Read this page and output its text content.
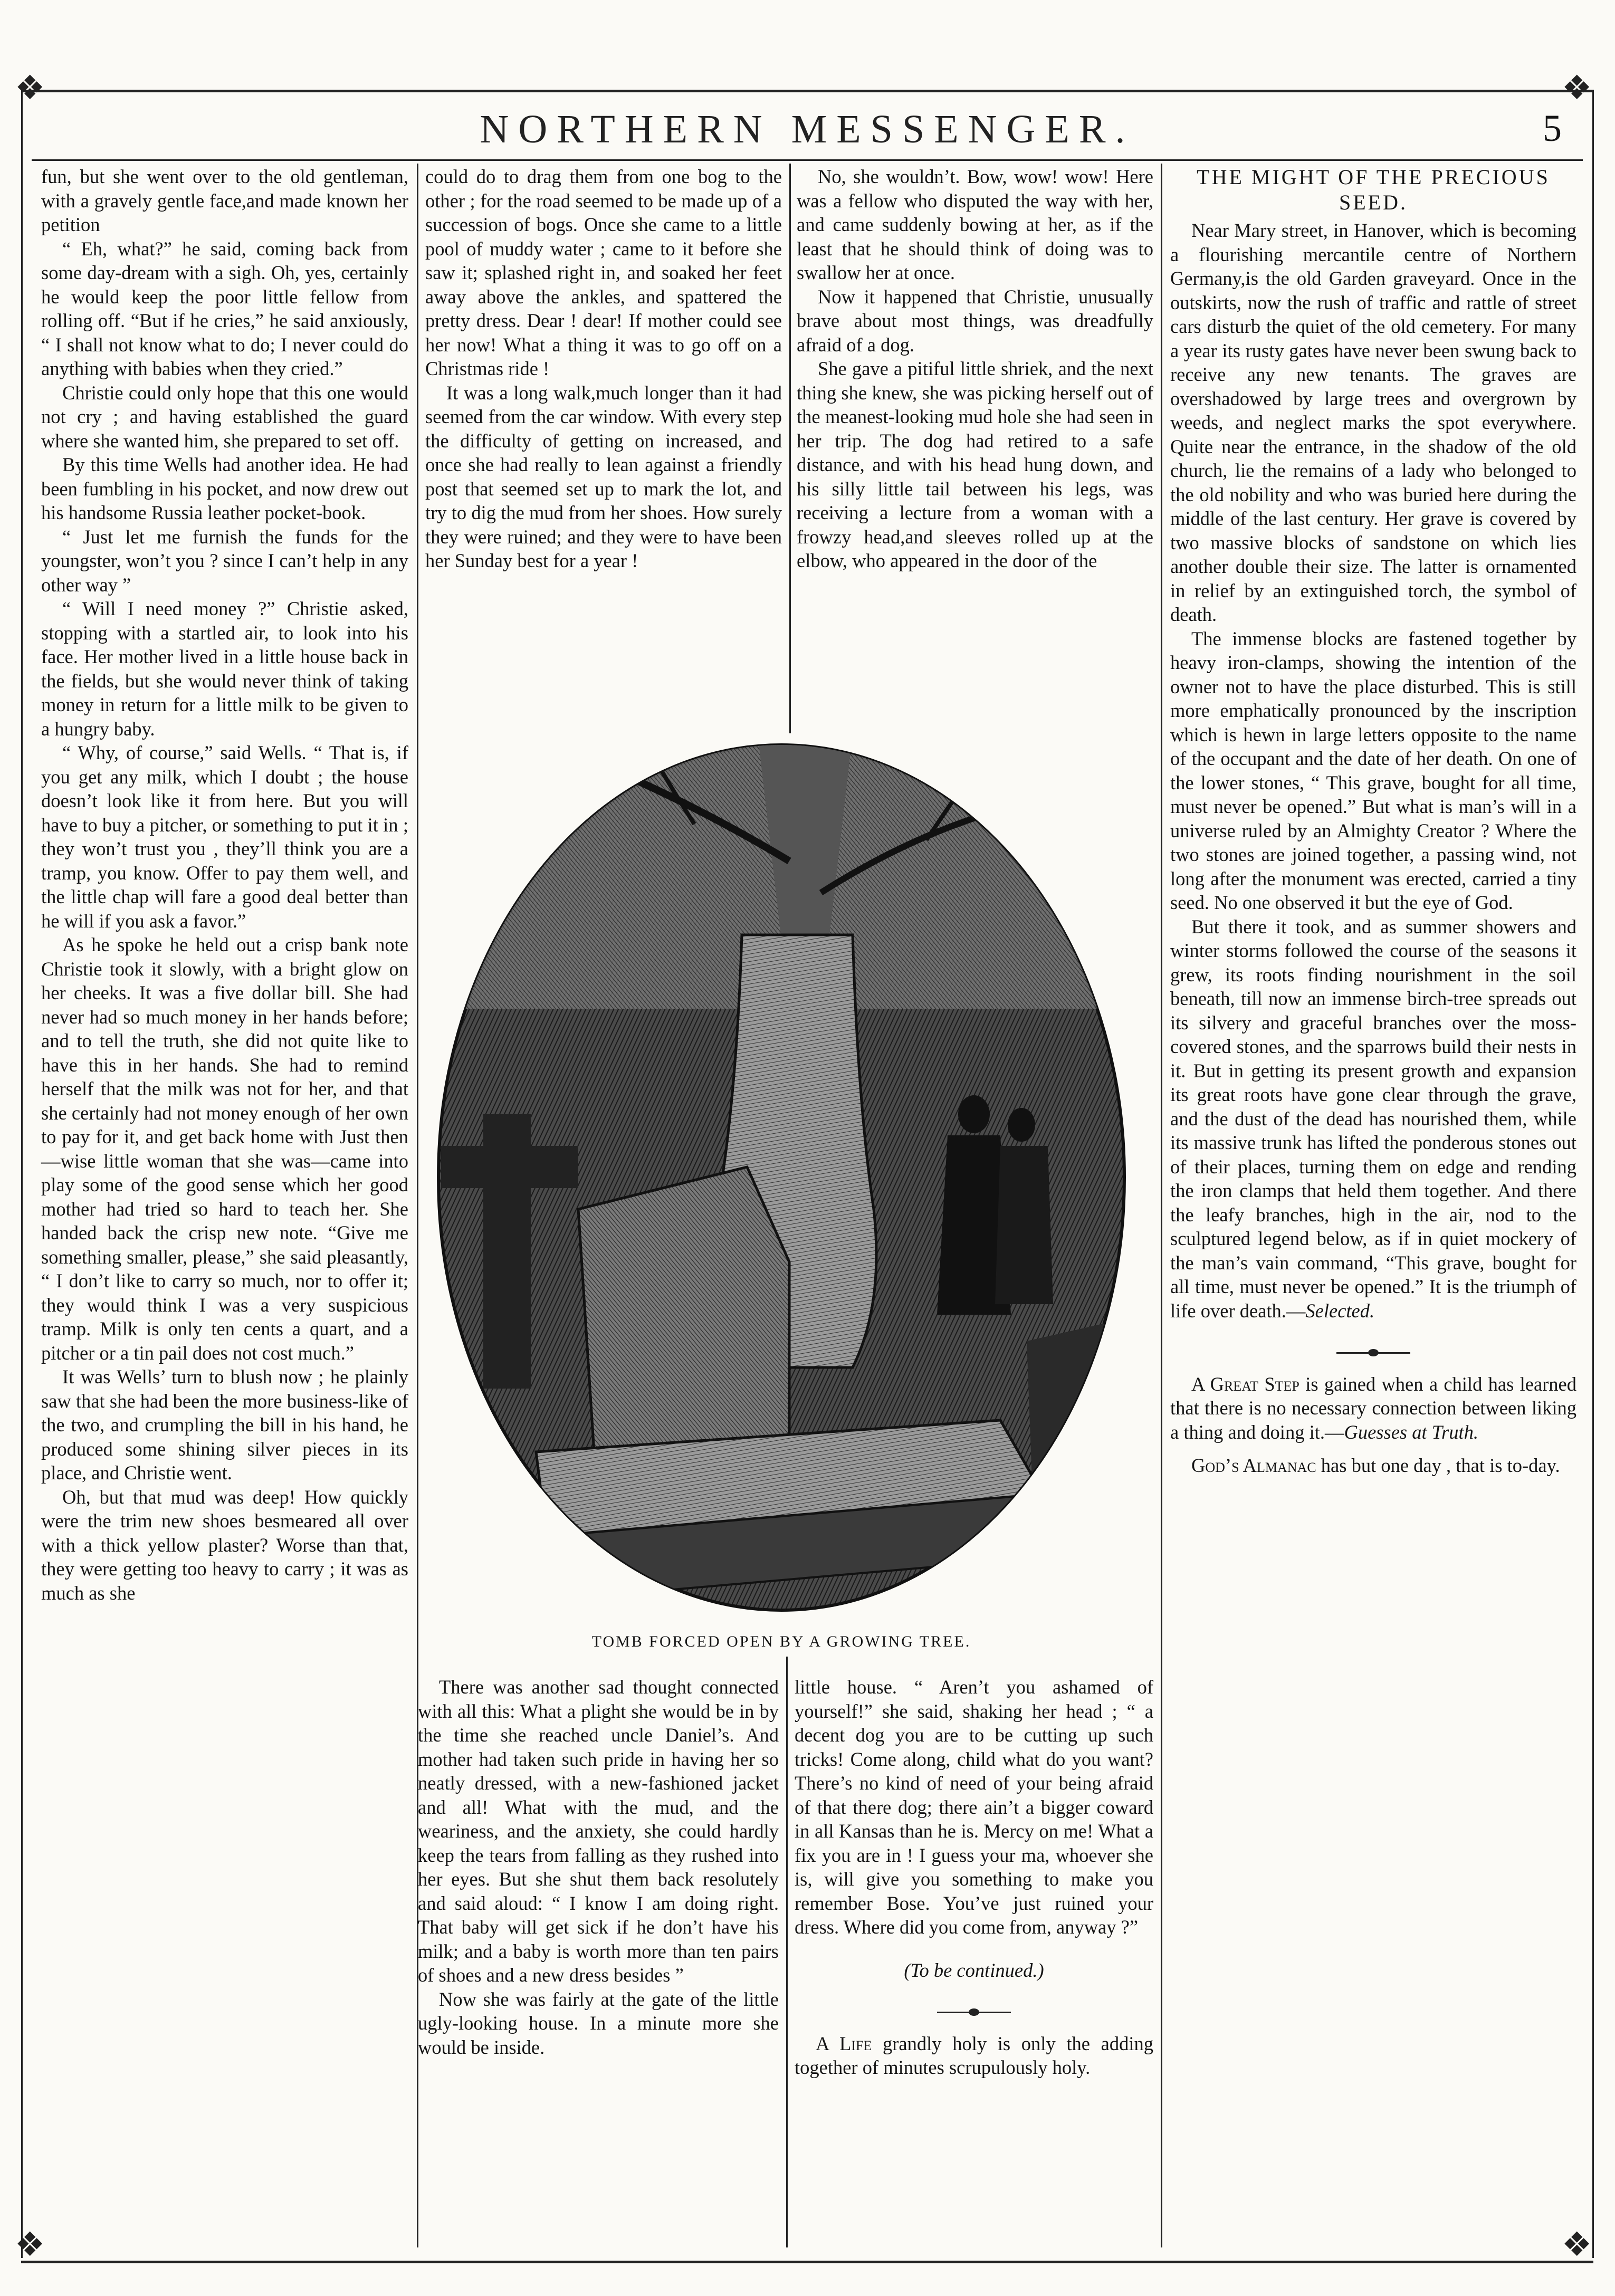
❖	❖
❖	❖
NORTHERN MESSENGER.	5

fun, but she went over to the old gentleman, with a gravely gentle face,and made known her petition

“ Eh, what?” he said, coming back from some day-dream with a sigh. Oh, yes, certainly he would keep the poor little fellow from rolling off. “But if he cries,” he said anxiously, “ I shall not know what to do; I never could do anything with babies when they cried.”

Christie could only hope that this one would not cry ; and having established the guard where she wanted him, she prepared to set off.

By this time Wells had another idea. He had been fumbling in his pocket, and now drew out his handsome Russia leather pocket-book.

“ Just let me furnish the funds for the youngster, won’t you ? since I can’t help in any other way ”

“ Will I need money ?” Christie asked, stopping with a startled air, to look into his face. Her mother lived in a little house back in the fields, but she would never think of taking money in return for a little milk to be given to a hungry baby.

“ Why, of course,” said Wells. “ That is, if you get any milk, which I doubt ; the house doesn’t look like it from here. But you will have to buy a pitcher, or something to put it in ; they won’t trust you , they’ll think you are a tramp, you know. Offer to pay them well, and the little chap will fare a good deal better than he will if you ask a favor.”

As he spoke he held out a crisp bank note Christie took it slowly, with a bright glow on her cheeks. It was a five dollar bill. She had never had so much money in her hands before; and to tell the truth, she did not quite like to have this in her hands. She had to remind herself that the milk was not for her, and that she certainly had not money enough of her own to pay for it, and get back home with Just then—wise little woman that she was—came into play some of the good sense which her good mother had tried so hard to teach her. She handed back the crisp new note. “Give me something smaller, please,” she said pleasantly, “ I don’t like to carry so much, nor to offer it; they would think I was a very suspicious tramp. Milk is only ten cents a quart, and a pitcher or a tin pail does not cost much.”

It was Wells’ turn to blush now ; he plainly saw that she had been the more business-like of the two, and crumpling the bill in his hand, he produced some shining silver pieces in its place, and Christie went.

Oh, but that mud was deep! How quickly were the trim new shoes besmeared all over with a thick yellow plaster? Worse than that, they were getting too heavy to carry ; it was as much as she

could do to drag them from one bog to the other ; for the road seemed to be made up of a succession of bogs. Once she came to a little pool of muddy water ; came to it before she saw it; splashed right in, and soaked her feet away above the ankles, and spattered the pretty dress. Dear ! dear! If mother could see her now! What a thing it was to go off on a Christmas ride !

It was a long walk,much longer than it had seemed from the car window. With every step the difficulty of getting on increased, and once she had really to lean against a friendly post that seemed set up to mark the lot, and try to dig the mud from her shoes. How surely they were ruined; and they were to have been her Sunday best for a year !

No, she wouldn’t. Bow, wow! wow! Here was a fellow who disputed the way with her, and came suddenly bowing at her, as if the least that he should think of doing was to swallow her at once.

Now it happened that Christie, unusually brave about most things, was dreadfully afraid of a dog.

She gave a pitiful little shriek, and the next thing she knew, she was picking herself out of the meanest-looking mud hole she had seen in her trip. The dog had retired to a safe distance, and with his head hung down, and his silly little tail between his legs, was receiving a lecture from a woman with a frowzy head,and sleeves rolled up at the elbow, who appeared in the door of the

TOMB FORCED OPEN BY A GROWING TREE.

There was another sad thought connected with all this: What a plight she would be in by the time she reached uncle Daniel’s. And mother had taken such pride in having her so neatly dressed, with a new-fashioned jacket and all! What with the mud, and the weariness, and the anxiety, she could hardly keep the tears from falling as they rushed into her eyes. But she shut them back resolutely and said aloud: “ I know I am doing right. That baby will get sick if he don’t have his milk; and a baby is worth more than ten pairs of shoes and a new dress besides ”

Now she was fairly at the gate of the little ugly-looking house. In a minute more she would be inside.

little house. “ Aren’t you ashamed of yourself!” she said, shaking her head ; “ a decent dog you are to be cutting up such tricks! Come along, child what do you want? There’s no kind of need of your being afraid of that there dog; there ain’t a bigger coward in all Kansas than he is. Mercy on me! What a fix you are in ! I guess your ma, whoever she is, will give you something to make you remember Bose. You’ve just ruined your dress. Where did you come from, anyway ?”

(To be continued.)

A Life grandly holy is only the adding together of minutes scrupulously holy.

THE MIGHT OF THE PRECIOUS SEED.

Near Mary street, in Hanover, which is becoming a flourishing mercantile centre of Northern Germany,is the old Garden graveyard. Once in the outskirts, now the rush of traffic and rattle of street cars disturb the quiet of the old cemetery. For many a year its rusty gates have never been swung back to receive any new tenants. The graves are overshadowed by large trees and overgrown by weeds, and neglect marks the spot everywhere. Quite near the entrance, in the shadow of the old church, lie the remains of a lady who belonged to the old nobility and who was buried here during the middle of the last century. Her grave is covered by two massive blocks of sandstone on which lies another double their size. The latter is ornamented in relief by an extinguished torch, the symbol of death.

The immense blocks are fastened together by heavy iron-clamps, showing the intention of the owner not to have the place disturbed. This is still more emphatically pronounced by the inscription which is hewn in large letters opposite to the name of the occupant and the date of her death. On one of the lower stones, “ This grave, bought for all time, must never be opened.” But what is man’s will in a universe ruled by an Almighty Creator ? Where the two stones are joined together, a passing wind, not long after the monument was erected, carried a tiny seed. No one observed it but the eye of God.

But there it took, and as summer showers and winter storms followed the course of the seasons it grew, its roots finding nourishment in the soil beneath, till now an immense birch-tree spreads out its silvery and graceful branches over the moss-covered stones, and the sparrows build their nests in it. But in getting its present growth and expansion its great roots have gone clear through the grave, and the dust of the dead has nourished them, while its massive trunk has lifted the ponderous stones out of their places, turning them on edge and rending the iron clamps that held them together. And there the leafy branches, high in the air, nod to the sculptured legend below, as if in quiet mockery of the man’s vain command, “This grave, bought for all time, must never be opened.” It is the triumph of life over death.—Selected.

A Great Step is gained when a child has learned that there is no necessary connection between liking a thing and doing it.—Guesses at Truth.

God’s Almanac has but one day , that is to-day.
